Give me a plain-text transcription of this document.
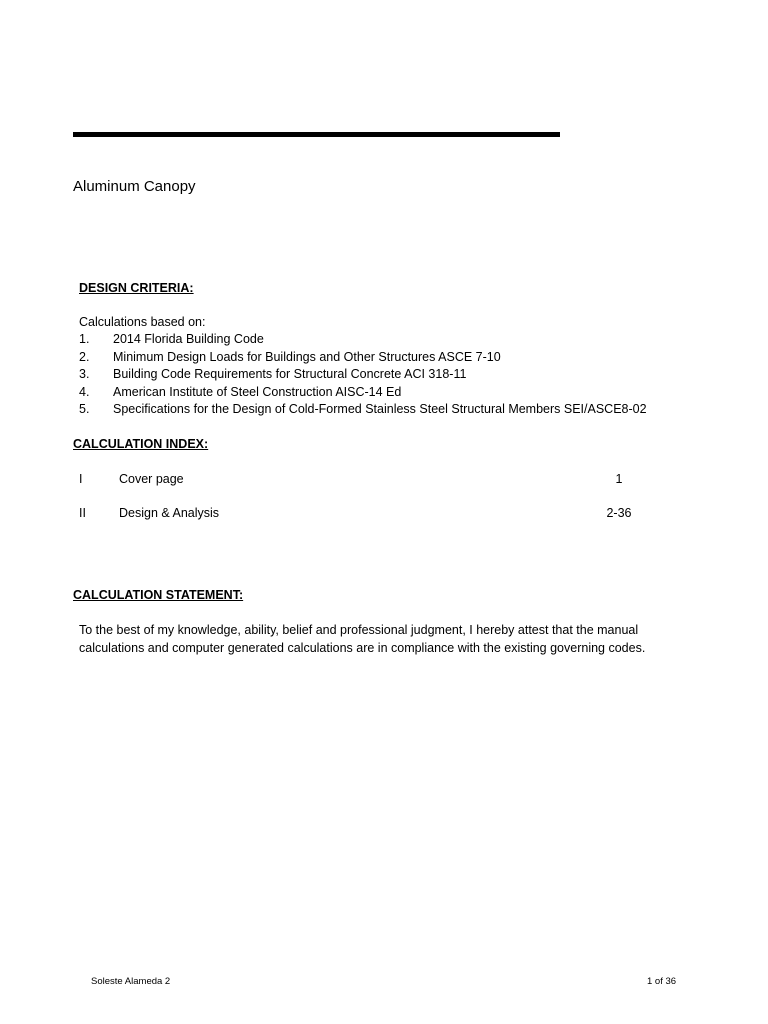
Aluminum Canopy
DESIGN CRITERIA:
Calculations based on:
1. 2014 Florida Building Code
2. Minimum Design Loads for Buildings and Other Structures ASCE 7-10
3. Building Code Requirements for Structural Concrete ACI 318-11
4. American Institute of Steel Construction AISC-14 Ed
5. Specifications for the Design of Cold-Formed Stainless Steel Structural Members SEI/ASCE8-02
CALCULATION INDEX:
I	Cover page	1
II	Design & Analysis	2-36
CALCULATION STATEMENT:
To the best of my knowledge, ability, belief and professional judgment, I hereby attest that the manual calculations and computer generated calculations are in compliance with the existing governing codes.
Soleste Alameda 2	1 of 36
